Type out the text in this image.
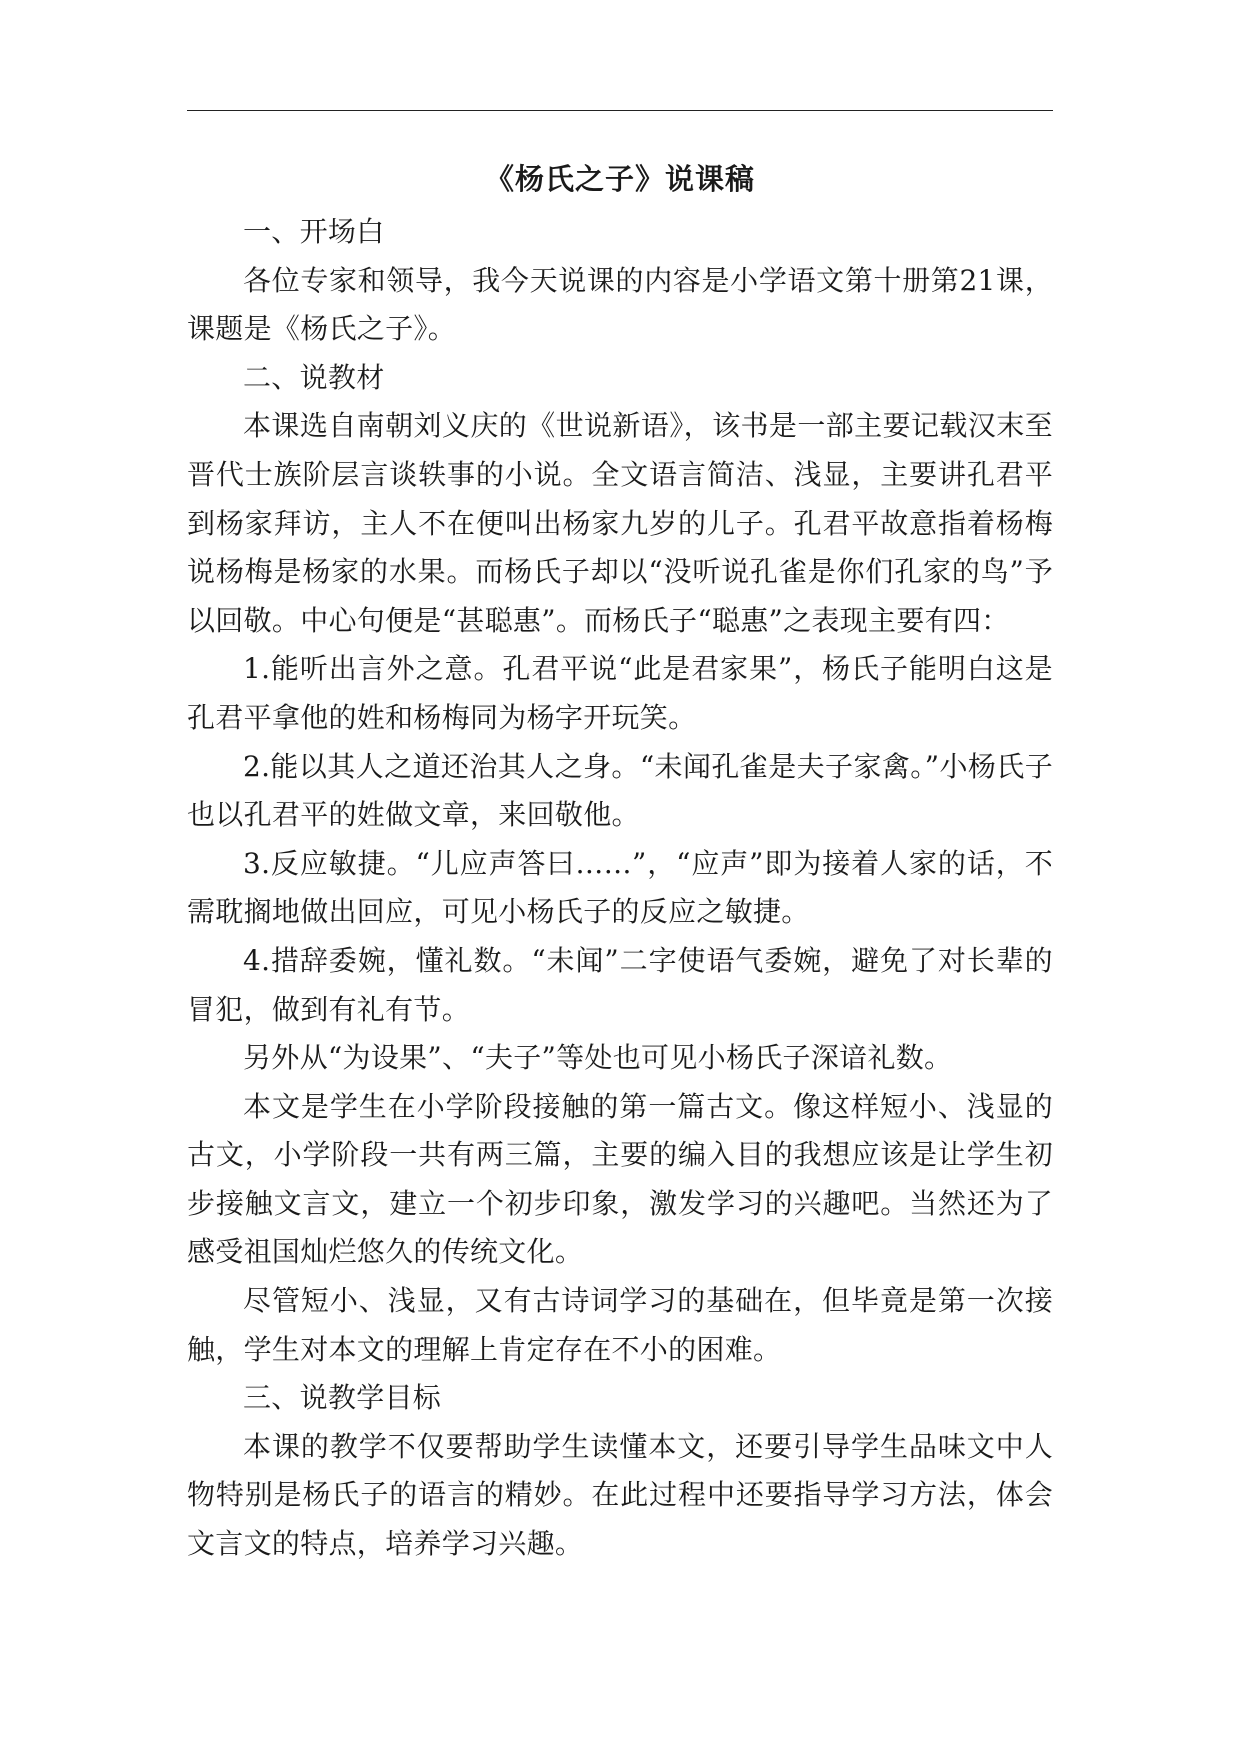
《杨氏之子》说课稿

一、开场白

各位专家和领导，我今天说课的内容是小学语文第十册第21课，课题是《杨氏之子》。

二、说教材

本课选自南朝刘义庆的《世说新语》，该书是一部主要记载汉末至晋代士族阶层言谈轶事的小说。全文语言简洁、浅显，主要讲孔君平到杨家拜访，主人不在便叫出杨家九岁的儿子。孔君平故意指着杨梅说杨梅是杨家的水果。而杨氏子却以“没听说孔雀是你们孔家的鸟”予以回敬。中心句便是“甚聪惠”。而杨氏子“聪惠”之表现主要有四：

1.能听出言外之意。孔君平说“此是君家果”，杨氏子能明白这是孔君平拿他的姓和杨梅同为杨字开玩笑。

2.能以其人之道还治其人之身。“未闻孔雀是夫子家禽。”小杨氏子也以孔君平的姓做文章，来回敬他。

3.反应敏捷。“儿应声答曰……”，“应声”即为接着人家的话，不需耽搁地做出回应，可见小杨氏子的反应之敏捷。

4.措辞委婉，懂礼数。“未闻”二字使语气委婉，避免了对长辈的冒犯，做到有礼有节。

另外从“为设果”、“夫子”等处也可见小杨氏子深谙礼数。

本文是学生在小学阶段接触的第一篇古文。像这样短小、浅显的古文，小学阶段一共有两三篇，主要的编入目的我想应该是让学生初步接触文言文，建立一个初步印象，激发学习的兴趣吧。当然还为了感受祖国灿烂悠久的传统文化。

尽管短小、浅显，又有古诗词学习的基础在，但毕竟是第一次接触，学生对本文的理解上肯定存在不小的困难。

三、说教学目标

本课的教学不仅要帮助学生读懂本文，还要引导学生品味文中人物特别是杨氏子的语言的精妙。在此过程中还要指导学习方法，体会文言文的特点，培养学习兴趣。
